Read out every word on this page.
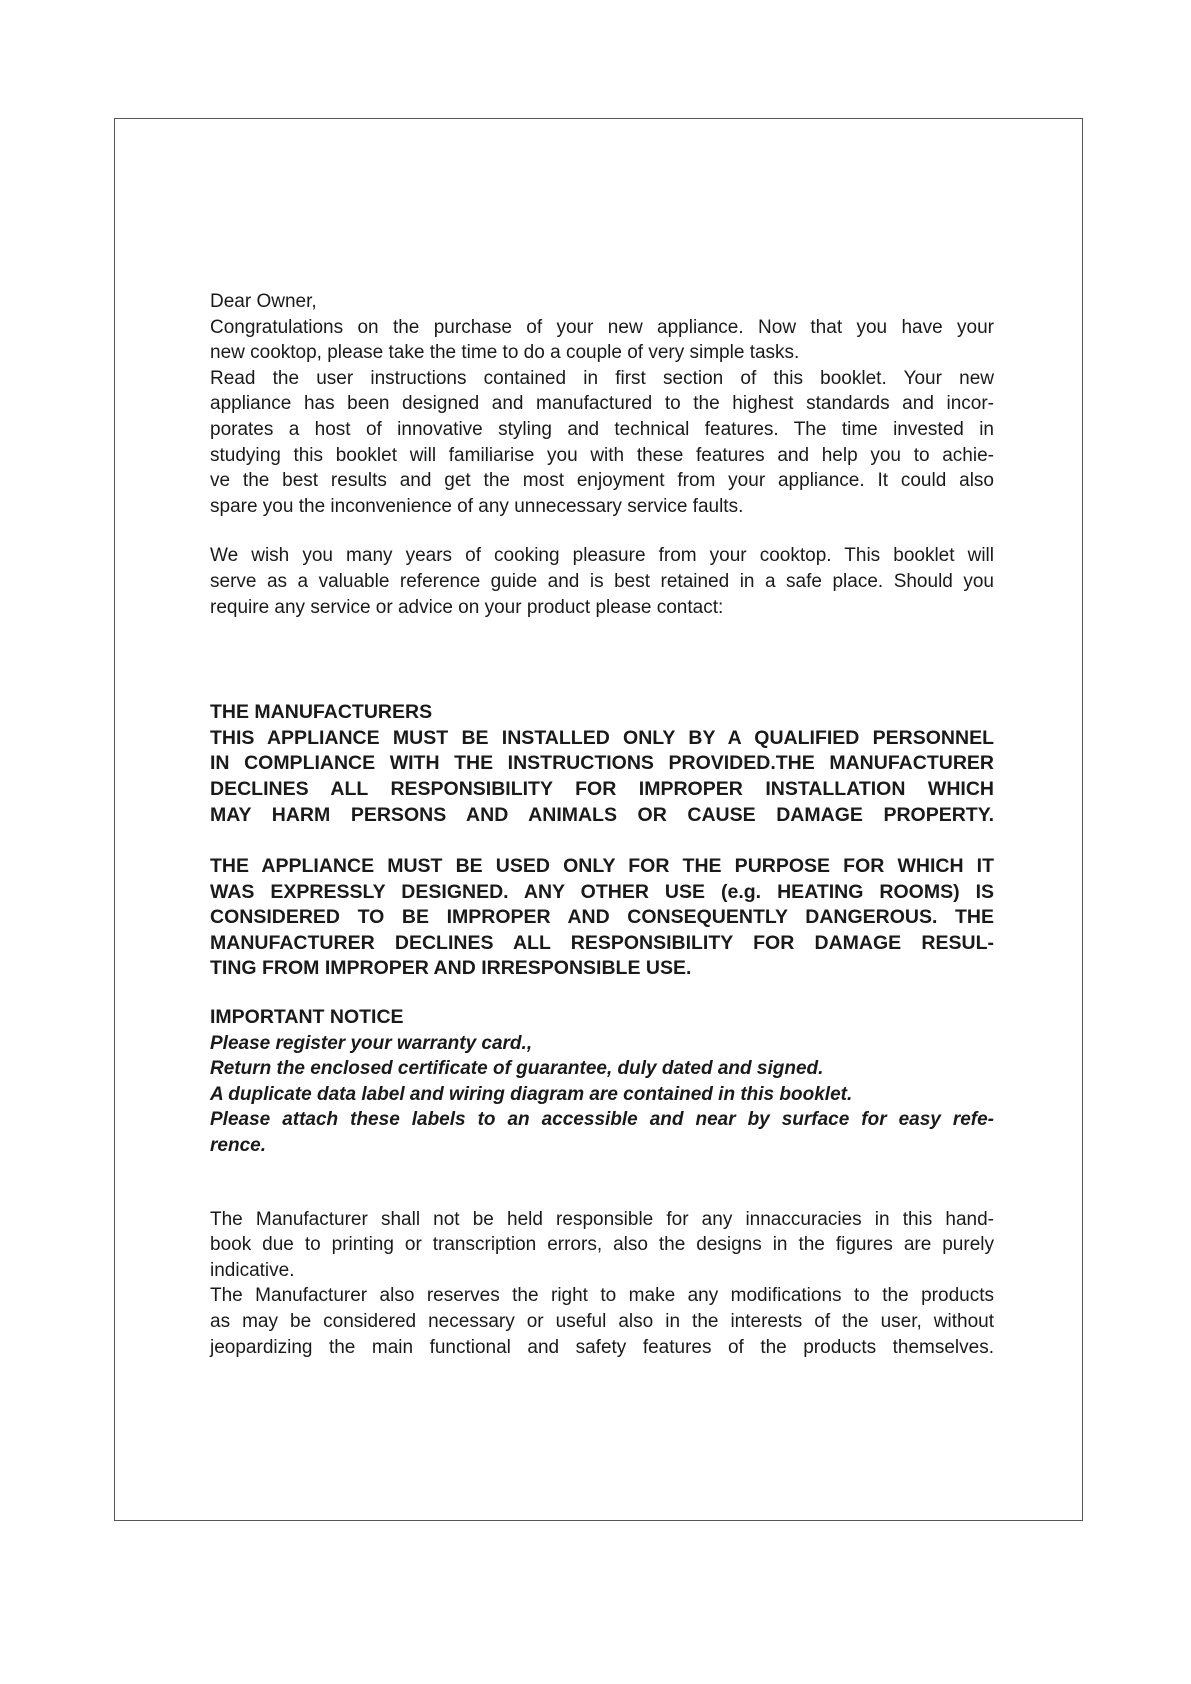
Dear Owner,

Congratulations on the purchase of your new appliance. Now that you have your
new cooktop, please take the time to do a couple of very simple tasks.
Read the user instructions contained in first section of this booklet. Your new
appliance has been designed and manufactured to the highest standards and incor-
porates a host of innovative styling and technical features. The time invested in
studying this booklet will familiarise you with these features and help you to achie-
ve the best results and get the most enjoyment from your appliance. It could also
spare you the inconvenience of any unnecessary service faults.
We wish you many years of cooking pleasure from your cooktop. This booklet will
serve as a valuable reference guide and is best retained in a safe place. Should you
require any service or advice on your product please contact:

THE MANUFACTURERS

THIS APPLIANCE MUST BE INSTALLED ONLY BY A QUALIFIED PERSONNEL
IN COMPLIANCE WITH THE INSTRUCTIONS PROVIDED.THE MANUFACTURER
DECLINES ALL RESPONSIBILITY FOR IMPROPER INSTALLATION WHICH
MAY HARM PERSONS AND ANIMALS OR CAUSE DAMAGE PROPERTY.
THE APPLIANCE MUST BE USED ONLY FOR THE PURPOSE FOR WHICH IT
WAS EXPRESSLY DESIGNED. ANY OTHER USE (e.g. HEATING ROOMS) IS
CONSIDERED TO BE IMPROPER AND CONSEQUENTLY DANGEROUS. THE
MANUFACTURER DECLINES ALL RESPONSIBILITY FOR DAMAGE RESUL-
TING FROM IMPROPER AND IRRESPONSIBLE USE.

IMPORTANT NOTICE

Please register your warranty card.,
Return the enclosed certificate of guarantee, duly dated and signed.
A duplicate data label and wiring diagram are contained in this booklet.
Please attach these labels to an accessible and near by surface for easy refe-
rence.
The Manufacturer shall not be held responsible for any innaccuracies in this hand-
book due to printing or transcription errors, also the designs in the figures are purely
indicative.
The Manufacturer also reserves the right to make any modifications to the products
as may be considered necessary or useful also in the interests of the user, without
jeopardizing the main functional and safety features of the products themselves.
